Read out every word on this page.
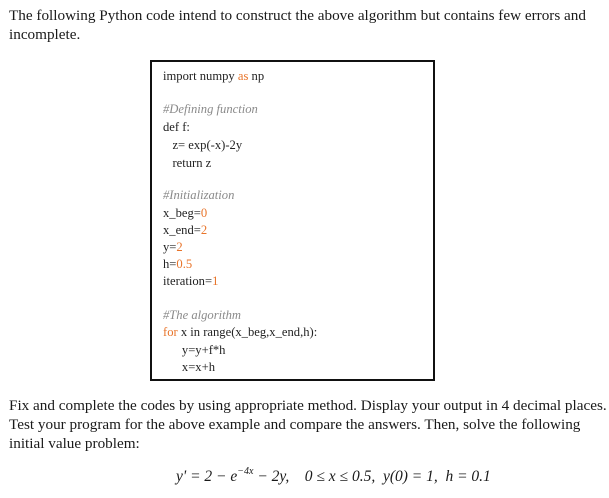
The following Python code intend to construct the above algorithm but contains few errors and incomplete.

import numpy as np
#Defining function
def f:
z= exp(-x)-2y
return z
#Initialization
x_beg=0
x_end=2
y=2
h=0.5
iteration=1
#The algorithm
for x in range(x_beg,x_end,h):
y=y+f*h
x=x+h

Fix and complete the codes by using appropriate method. Display your output in 4 decimal places. Test your program for the above example and compare the answers. Then, solve the following initial value problem:

$y' = 2 - e^{-4x} - 2y$,    0 ≤ x ≤ 0.5,  y(0) = 1,  h = 0.1
